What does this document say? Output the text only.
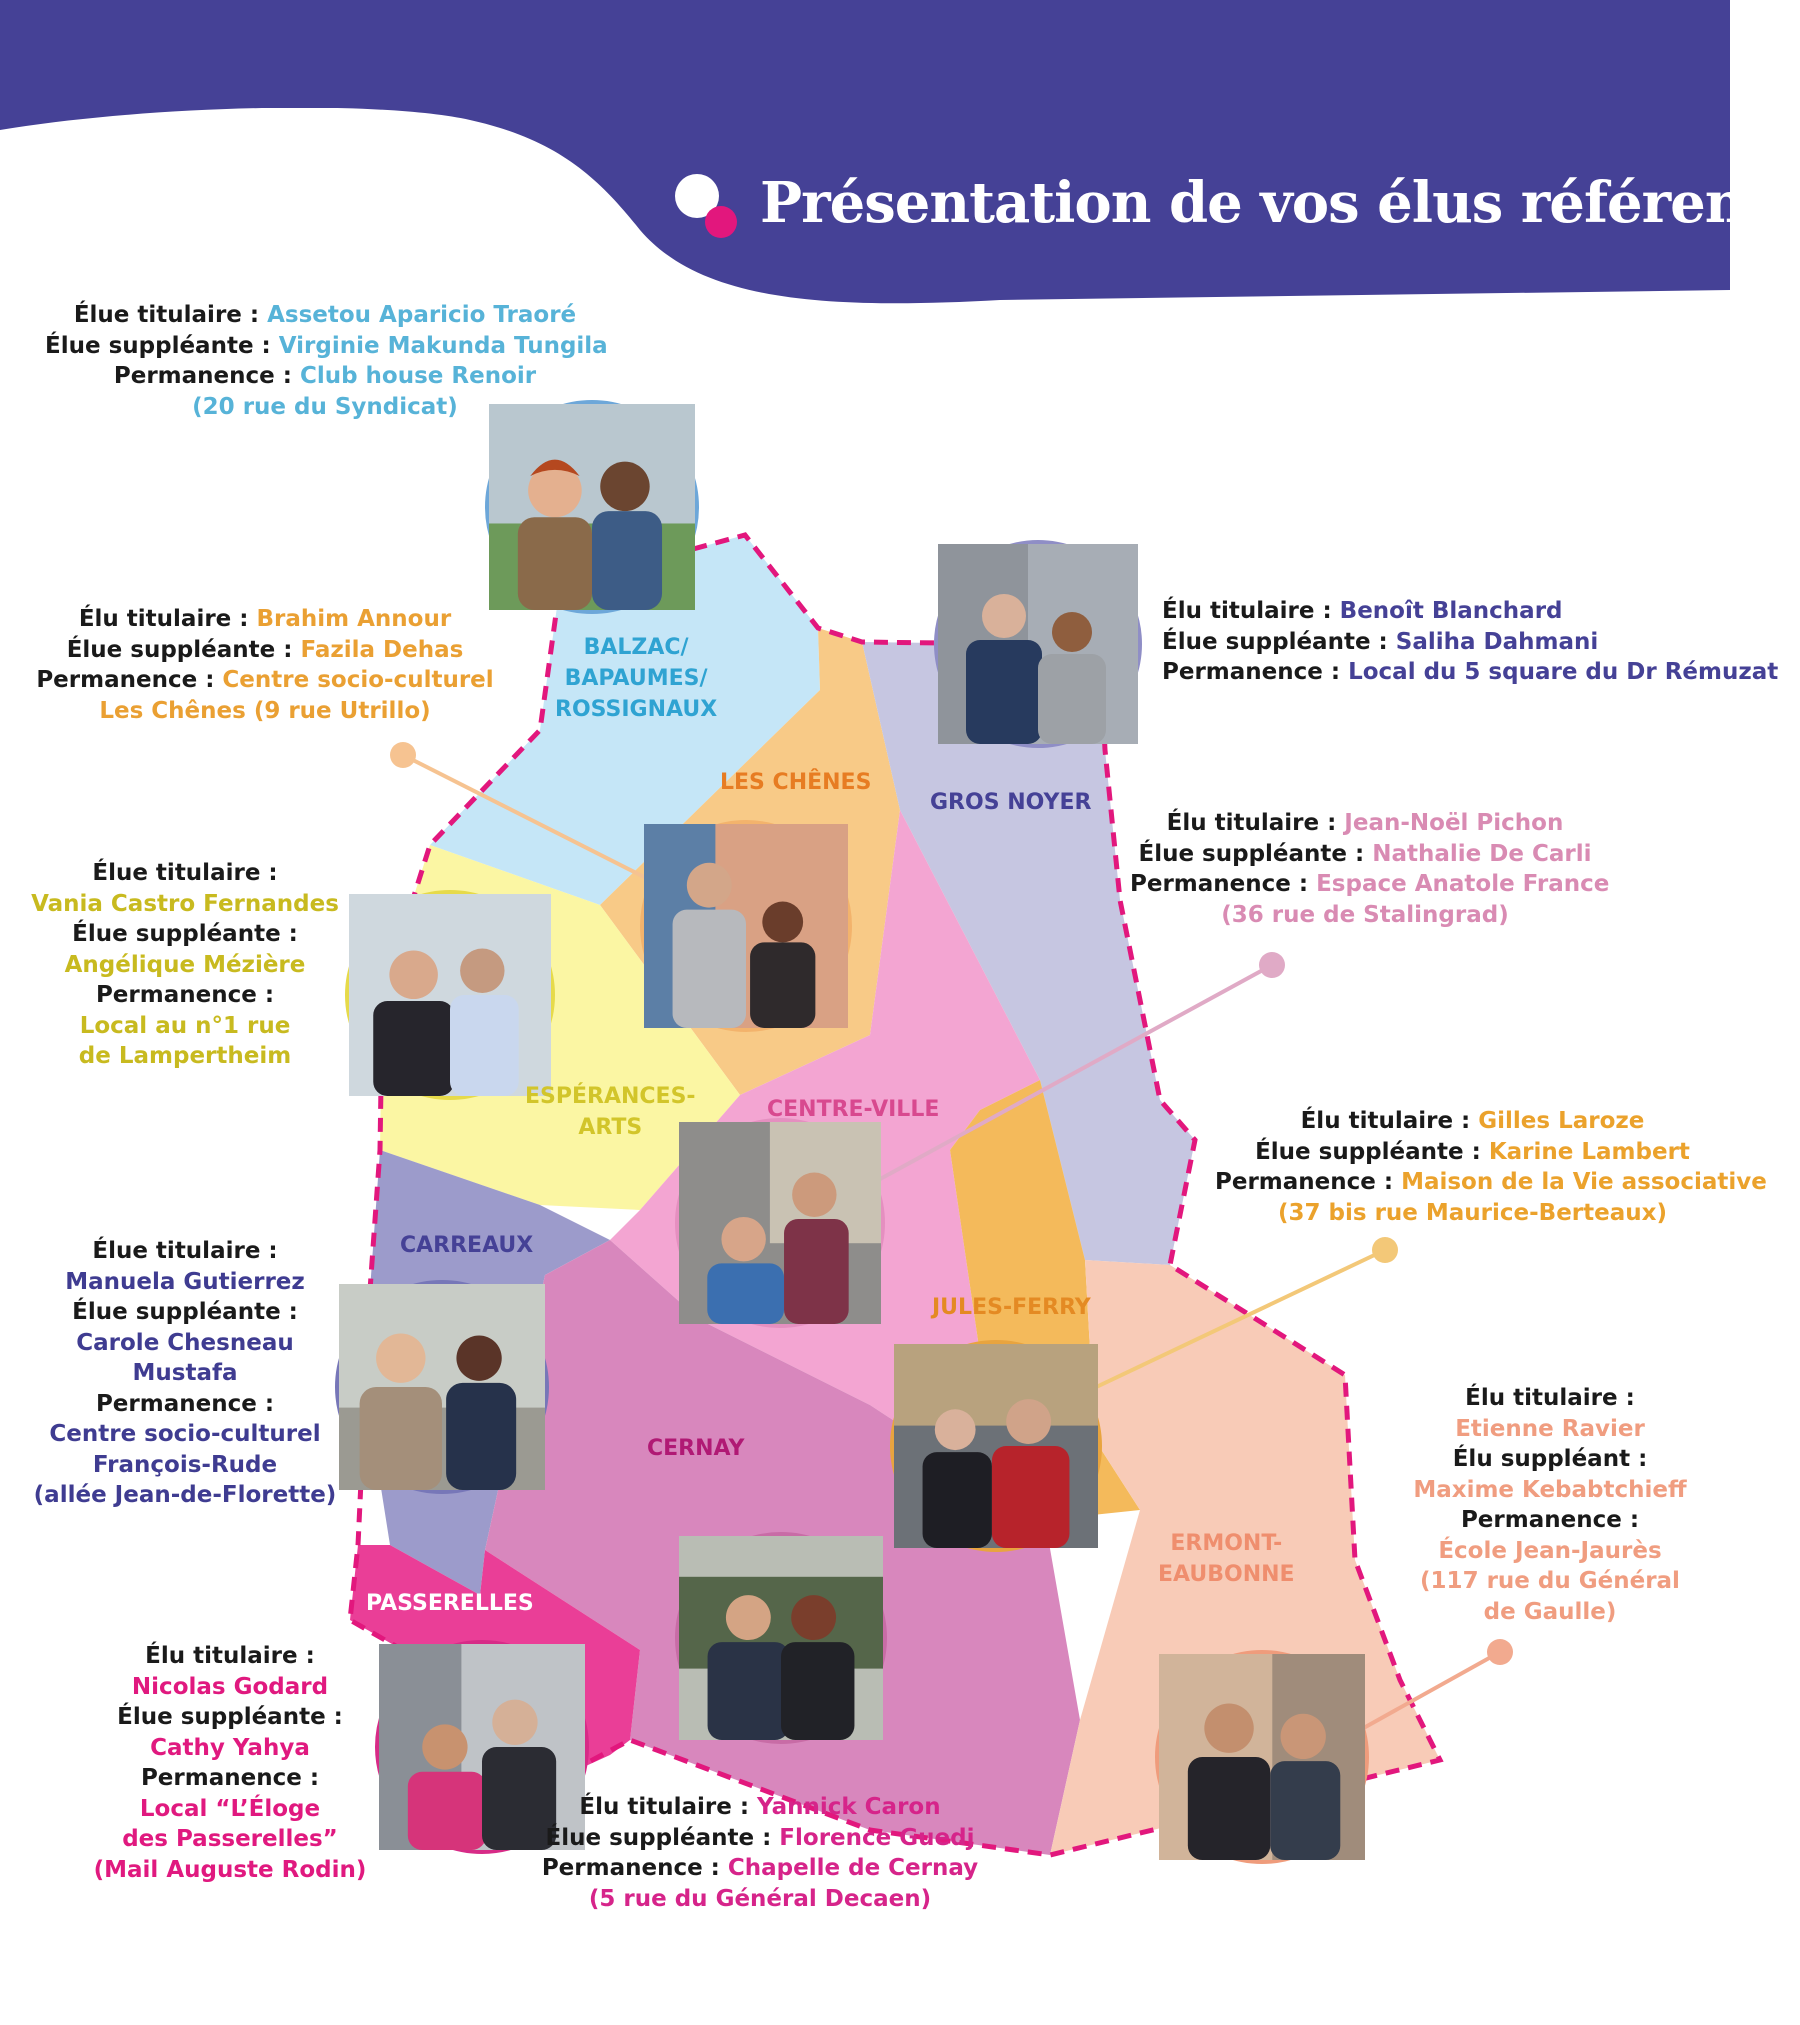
Présentation de vos élus référents
BALZAC/
BAPAUMES/
ROSSIGNAUX
LES CHÊNES
GROS NOYER
ESPÉRANCES-
ARTS
CENTRE-VILLE
CARREAUX
JULES-FERRY
CERNAY
ERMONT-
EAUBONNE
PASSERELLES
Élue titulaire : Assetou Aparicio Traoré
Élue suppléante : Virginie Makunda Tungila
Permanence : Club house Renoir
(20 rue du Syndicat)
Élu titulaire : Brahim Annour
Élue suppléante : Fazila Dehas
Permanence : Centre socio-culturel
Les Chênes (9 rue Utrillo)
Élu titulaire : Benoît Blanchard
Élue suppléante : Saliha Dahmani
Permanence : Local du 5 square du Dr Rémuzat
Élu titulaire : Jean-Noël Pichon
Élue suppléante : Nathalie De Carli
Permanence : Espace Anatole France
(36 rue de Stalingrad)
Élue titulaire :
Vania Castro Fernandes
Élue suppléante :
Angélique Mézière
Permanence :
Local au n°1 rue
de Lampertheim
Élu titulaire : Gilles Laroze
Élue suppléante : Karine Lambert
Permanence : Maison de la Vie associative
(37 bis rue Maurice-Berteaux)
Élue titulaire :
Manuela Gutierrez
Élue suppléante :
Carole Chesneau
Mustafa
Permanence :
Centre socio-culturel
François-Rude
(allée Jean-de-Florette)
Élu titulaire :
Etienne Ravier
Élu suppléant :
Maxime Kebabtchieff
Permanence :
École Jean-Jaurès
(117 rue du Général
de Gaulle)
Élu titulaire :
Nicolas Godard
Élue suppléante :
Cathy Yahya
Permanence :
Local “L’Éloge
des Passerelles”
(Mail Auguste Rodin)
Élu titulaire : Yannick Caron
Élue suppléante : Florence Guedj
Permanence : Chapelle de Cernay
(5 rue du Général Decaen)
